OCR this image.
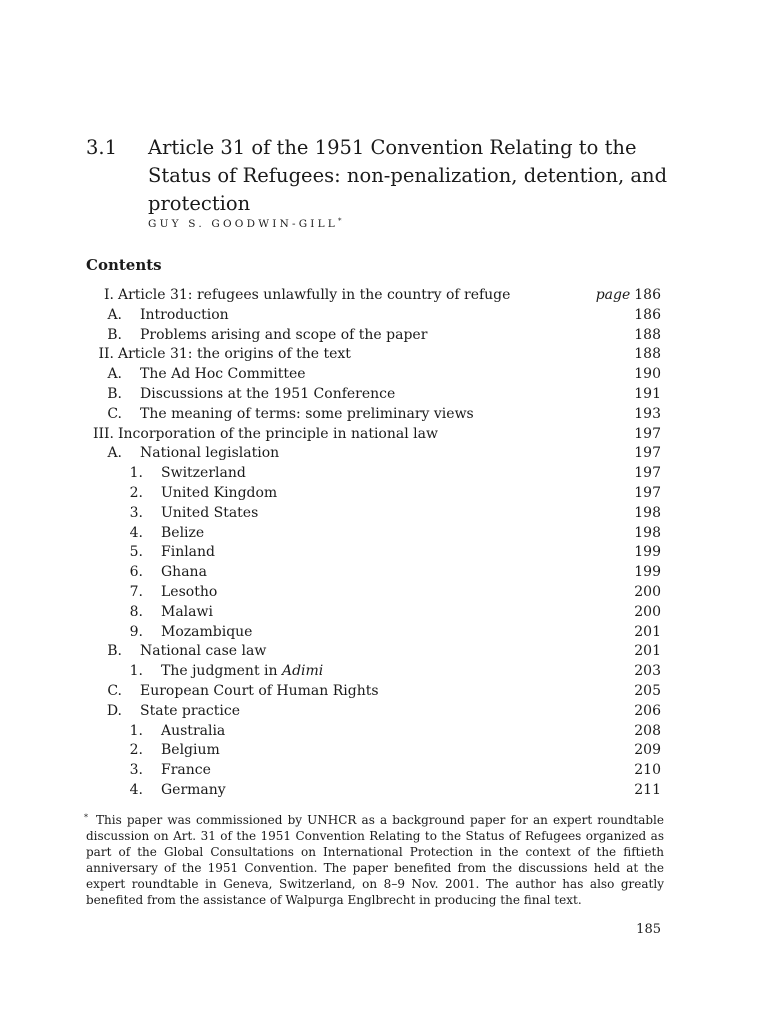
3.1 Article 31 of the 1951 Convention Relating to the Status of Refugees: non-penalization, detention, and protection
GUY S. GOODWIN-GILL*
Contents
I. Article 31: refugees unlawfully in the country of refuge	page 186
A. Introduction	186
B. Problems arising and scope of the paper	188
II. Article 31: the origins of the text	188
A. The Ad Hoc Committee	190
B. Discussions at the 1951 Conference	191
C. The meaning of terms: some preliminary views	193
III. Incorporation of the principle in national law	197
A. National legislation	197
1. Switzerland	197
2. United Kingdom	197
3. United States	198
4. Belize	198
5. Finland	199
6. Ghana	199
7. Lesotho	200
8. Malawi	200
9. Mozambique	201
B. National case law	201
1. The judgment in Adimi	203
C. European Court of Human Rights	205
D. State practice	206
1. Australia	208
2. Belgium	209
3. France	210
4. Germany	211
* This paper was commissioned by UNHCR as a background paper for an expert roundtable discussion on Art. 31 of the 1951 Convention Relating to the Status of Refugees organized as part of the Global Consultations on International Protection in the context of the fiftieth anniversary of the 1951 Convention. The paper benefited from the discussions held at the expert roundtable in Geneva, Switzerland, on 8–9 Nov. 2001. The author has also greatly benefited from the assistance of Walpurga Englbrecht in producing the final text.
185
